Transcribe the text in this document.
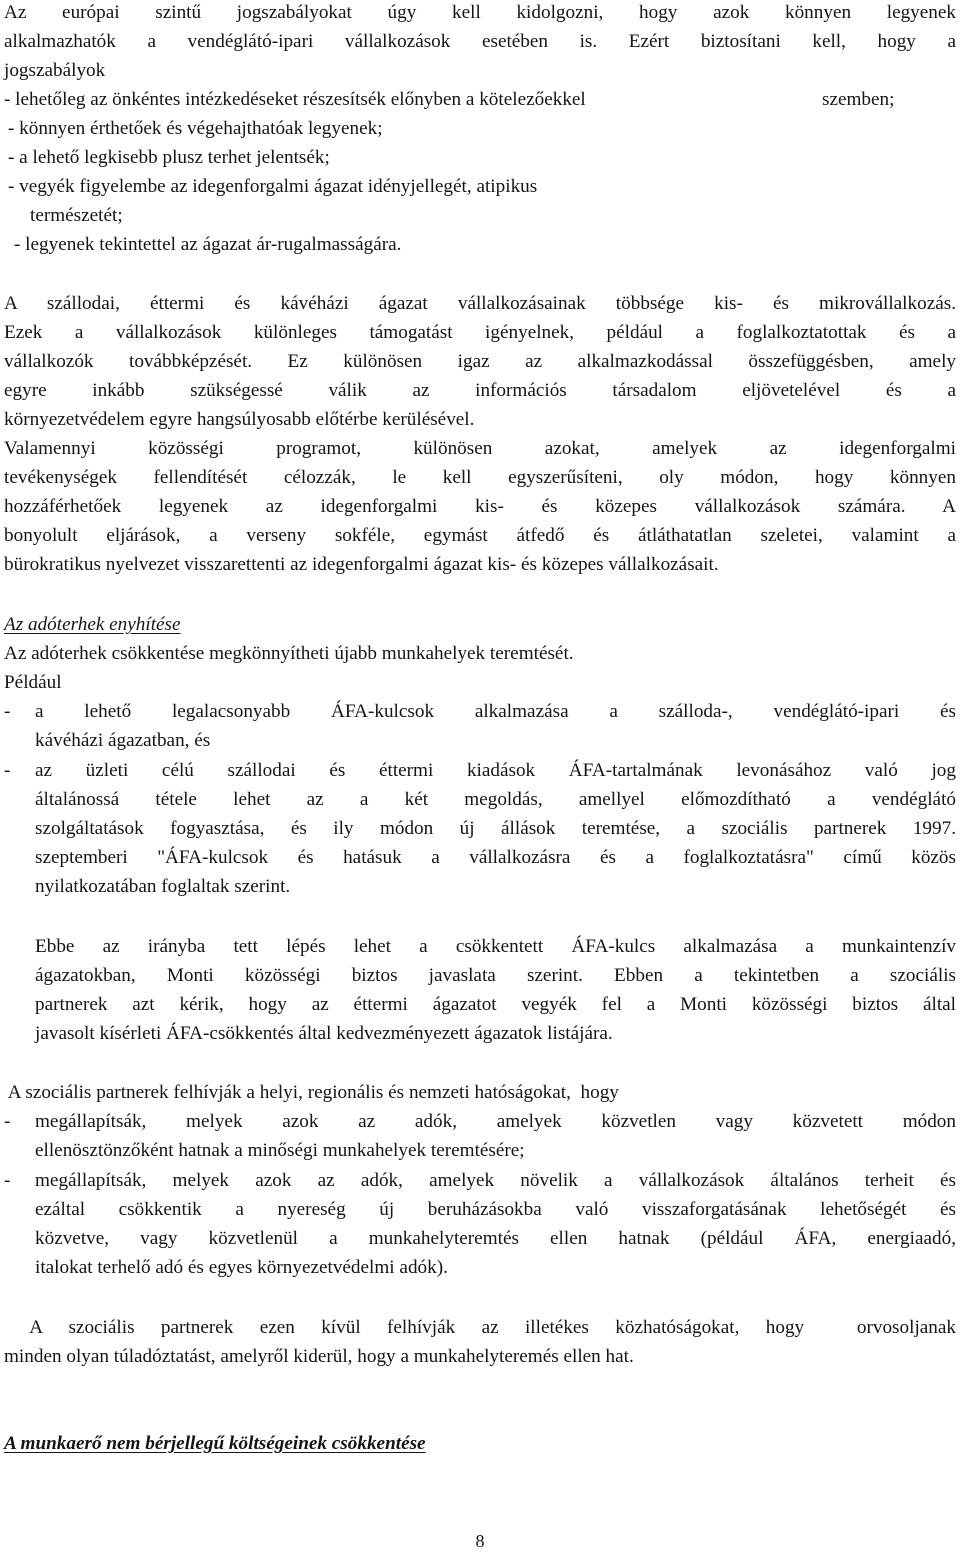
Az európai szintű jogszabályokat úgy kell kidolgozni, hogy azok könnyen legyenek
alkalmazhatók a vendéglátó-ipari vállalkozások esetében is. Ezért biztosítani kell, hogy a
jogszabályok
- lehetőleg az önkéntes intézkedéseket részesítsék előnyben a kötelezőekkel	szemben;
- könnyen érthetőek és végehajthatóak legyenek;
- a lehető legkisebb plusz terhet jelentsék;
- vegyék figyelembe az idegenforgalmi ágazat idényjellegét, atipikus
természetét;
- legyenek tekintettel az ágazat ár-rugalmasságára.
A szállodai, éttermi és kávéházi ágazat vállalkozásainak többsége kis- és mikrovállalkozás.
Ezek a vállalkozások különleges támogatást igényelnek, például a foglalkoztatottak és a
vállalkozók továbbképzését. Ez különösen igaz az alkalmazkodással összefüggésben, amely
egyre inkább szükségessé válik az információs társadalom eljövetelével és a
környezetvédelem egyre hangsúlyosabb előtérbe kerülésével.
Valamennyi közösségi programot, különösen azokat, amelyek az idegenforgalmi
tevékenységek fellendítését célozzák, le kell egyszerűsíteni, oly módon, hogy könnyen
hozzáférhetőek legyenek az idegenforgalmi kis- és közepes vállalkozások számára. A
bonyolult eljárások, a verseny sokféle, egymást átfedő és átláthatatlan szeletei, valamint a
bürokratikus nyelvezet visszarettenti az idegenforgalmi ágazat kis- és közepes vállalkozásait.
Az adóterhek enyhítése
Az adóterhek csökkentése megkönnyítheti újabb munkahelyek teremtését.
Például
- a lehető legalacsonyabb ÁFA-kulcsok alkalmazása a szálloda-, vendéglátó-ipari és
kávéházi ágazatban, és
- az üzleti célú szállodai és éttermi kiadások ÁFA-tartalmának levonásához való jog
általánossá tétele lehet az a két megoldás, amellyel előmozdítható a vendéglátó
szolgáltatások fogyasztása, és ily módon új állások teremtése, a szociális partnerek 1997.
szeptemberi "ÁFA-kulcsok és hatásuk a vállalkozásra és a foglalkoztatásra" című közös
nyilatkozatában foglaltak szerint.
Ebbe az irányba tett lépés lehet a csökkentett ÁFA-kulcs alkalmazása a munkaintenzív
ágazatokban, Monti közösségi biztos javaslata szerint. Ebben a tekintetben a szociális
partnerek azt kérik, hogy az éttermi ágazatot vegyék fel a Monti közösségi biztos által
javasolt kísérleti ÁFA-csökkentés által kedvezményezett ágazatok listájára.
A szociális partnerek felhívják a helyi, regionális és nemzeti hatóságokat,  hogy
- megállapítsák, melyek azok az adók, amelyek közvetlen vagy közvetett módon
ellenösztönzőként hatnak a minőségi munkahelyek teremtésére;
- megállapítsák, melyek azok az adók, amelyek növelik a vállalkozások általános terheit és
ezáltal csökkentik a nyereség új beruházásokba való visszaforgatásának lehetőségét és
közvetve, vagy közvetlenül a munkahelyteremtés ellen hatnak (például ÁFA, energiaadó,
italokat terhelő adó és egyes környezetvédelmi adók).
A szociális partnerek ezen kívül felhívják az illetékes közhatóságokat, hogy  orvosoljanak
minden olyan túladóztatást, amelyről kiderül, hogy a munkahelyteremés ellen hat.
A munkaerő nem bérjellegű költségeinek csökkentése
8
